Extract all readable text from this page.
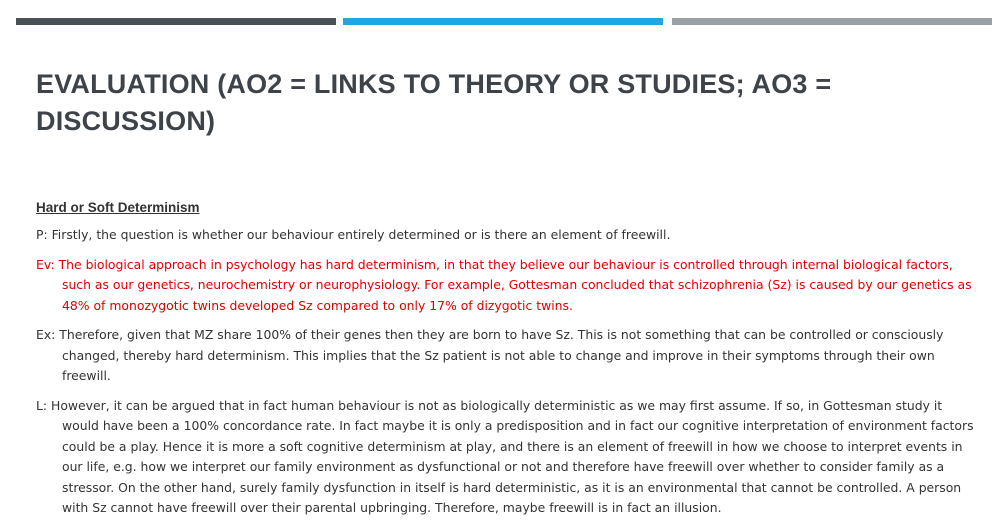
EVALUATION (AO2 = LINKS TO THEORY OR STUDIES; AO3 = DISCUSSION)
Hard or Soft Determinism

P: Firstly, the question is whether our behaviour entirely determined or is there an element of freewill.

Ev: The biological approach in psychology has hard determinism, in that they believe our behaviour is controlled through internal biological factors, such as our genetics, neurochemistry or neurophysiology. For example, Gottesman concluded that schizophrenia (Sz) is caused by our genetics as 48% of monozygotic twins developed Sz compared to only 17% of dizygotic twins.

Ex: Therefore, given that MZ share 100% of their genes then they are born to have Sz. This is not something that can be controlled or consciously changed, thereby hard determinism. This implies that the Sz patient is not able to change and improve in their symptoms through their own freewill.

L: However, it can be argued that in fact human behaviour is not as biologically deterministic as we may first assume. If so, in Gottesman study it would have been a 100% concordance rate. In fact maybe it is only a predisposition and in fact our cognitive interpretation of environment factors could be a play. Hence it is more a soft cognitive determinism at play, and there is an element of freewill in how we choose to interpret events in our life, e.g. how we interpret our family environment as dysfunctional or not and therefore have freewill over whether to consider family as a stressor. On the other hand, surely family dysfunction in itself is hard deterministic, as it is an environmental that cannot be controlled. A person with Sz cannot have freewill over their parental upbringing. Therefore, maybe freewill is in fact an illusion.
